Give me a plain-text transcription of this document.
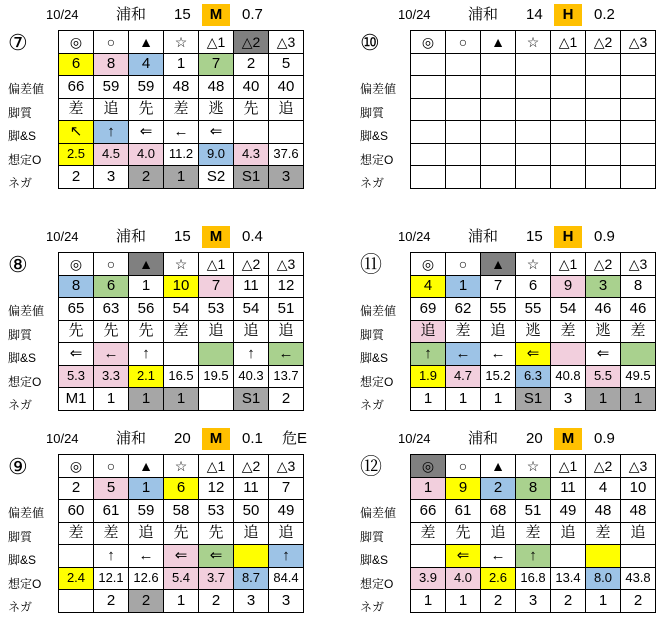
10/24 浦和 15	M	0.7
⑦
偏差値
脚質
脚&S
想定O
ネガ
◎	○	▲	☆	△1	△2	△3
6	8	4	1	7	2	5
66	59	59	48	48	40	40
差	追	先	差	逃	先	追
↖	↑	⇐	←	⇐		
2.5	4.5	4.0	11.2	9.0	4.3	37.6
2	3	2	1	S2	S1	3
10/24 浦和 14	H	0.2
⑩
偏差値
脚質
脚&S
想定O
ネガ
◎	○	▲	☆	△1	△2	△3

10/24 浦和 15	M	0.4
⑧
偏差値
脚質
脚&S
想定O
ネガ
◎	○	▲	☆	△1	△2	△3
8	6	1	10	7	11	12
65	63	56	54	53	54	51
先	先	先	差	追	追	追
⇐	←	↑			↑	←
5.3	3.3	2.1	16.5	19.5	40.3	13.7
M1	1	1	1		S1	2
10/24 浦和 15	H	0.9
⑪
偏差値
脚質
脚&S
想定O
ネガ
◎	○	▲	☆	△1	△2	△3
4	1	7	6	9	3	8
69	62	55	55	54	46	46
追	差	追	逃	差	逃	差
↑	←	←	⇐		⇐	
1.9	4.7	15.2	6.3	40.8	5.5	49.5
1	1	1	S1	3	1	1
10/24 浦和 20	M	0.1 危E
⑨
偏差値
脚質
脚&S
想定O
ネガ
◎	○	▲	☆	△1	△2	△3
2	5	1	6	12	11	7
60	61	59	58	53	50	49
差	差	追	先	先	追	追
	↑	←	⇐	⇐		↑
2.4	12.1	12.6	5.4	3.7	8.7	84.4
	2	2	1	2	3	3
10/24 浦和 20	M	0.9
⑫
偏差値
脚質
脚&S
想定O
ネガ
◎	○	▲	☆	△1	△2	△3
1	9	2	8	11	4	10
66	61	68	51	49	48	48
差	先	追	差	追	差	追
	⇐	←	↑			
3.9	4.0	2.6	16.8	13.4	8.0	43.8
1	1	2	3	2	1	2
